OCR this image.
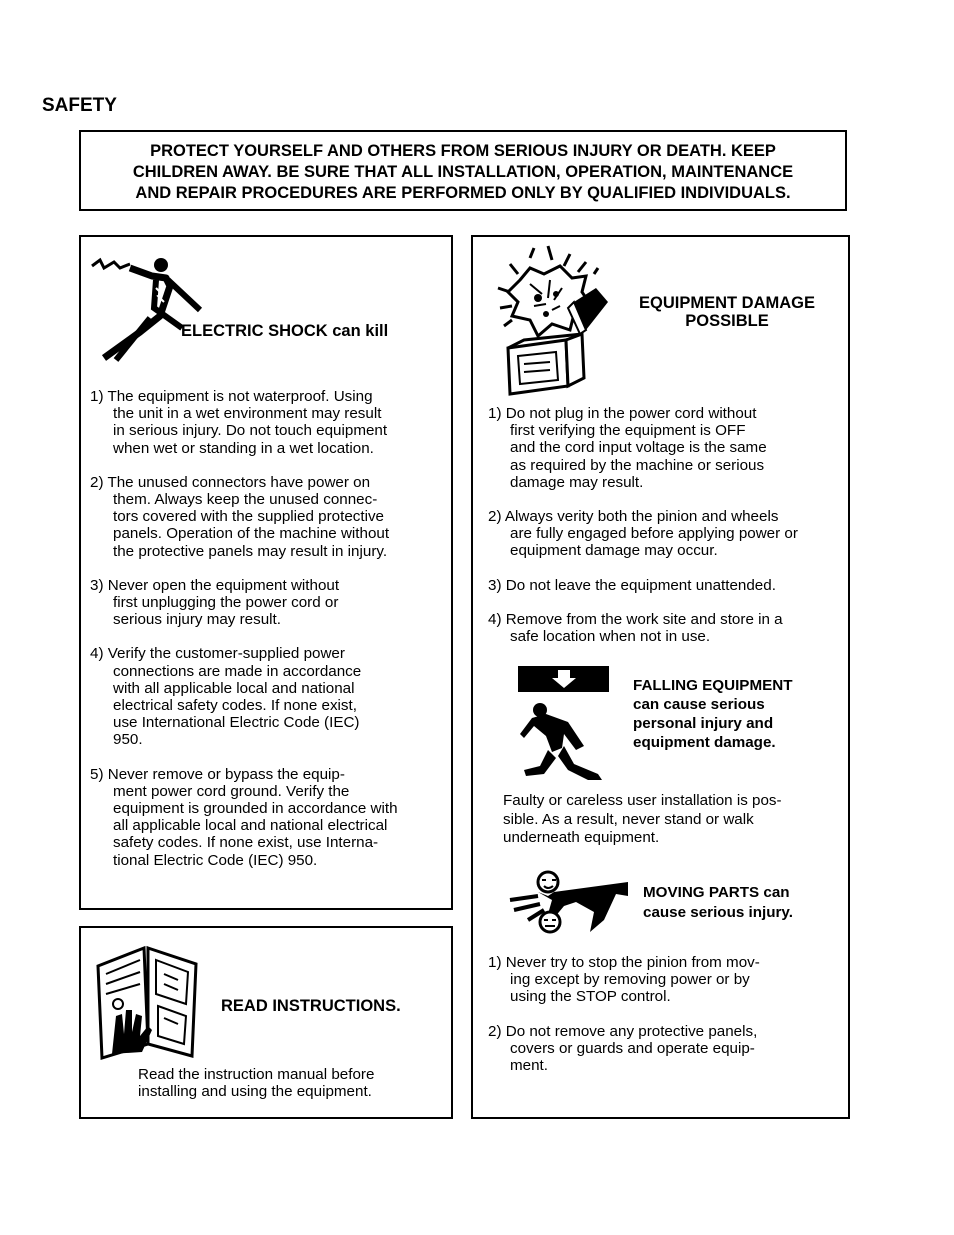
SAFETY
PROTECT YOURSELF AND OTHERS FROM SERIOUS INJURY OR DEATH. KEEP
CHILDREN AWAY. BE SURE THAT ALL INSTALLATION, OPERATION, MAINTENANCE
AND REPAIR PROCEDURES ARE PERFORMED ONLY BY QUALIFIED INDIVIDUALS.
ELECTRIC SHOCK can kill
1) The equipment is not waterproof. Using
the unit in a wet environment may result
in serious injury. Do not touch equipment
when wet or standing in a wet location.
2) The unused connectors have power on
them. Always keep the unused connec-
tors covered with the supplied protective
panels. Operation of the machine without
the protective panels may result in injury.
3) Never open the equipment without
first unplugging the power cord or
serious injury may result.
4) Verify the customer-supplied power
connections are made in accordance
with all applicable local and national
electrical safety codes. If none exist,
use International Electric Code (IEC)
950.
5) Never remove or bypass the equip-
ment power cord ground. Verify the
equipment is grounded in accordance with
all applicable local and national electrical
safety codes. If none exist, use Interna-
tional Electric Code (IEC) 950.
READ INSTRUCTIONS.
Read the instruction manual before
installing and using the equipment.
EQUIPMENT DAMAGE
POSSIBLE
1) Do not plug in the power cord without
first verifying the equipment is OFF
and the cord input voltage is the same
as required by the machine or serious
damage may result.
2) Always verity both the pinion and wheels
are fully engaged before applying power or
equipment damage may occur.
3) Do not leave the equipment unattended.
4) Remove from the work site and store in a
safe location when not in use.
FALLING EQUIPMENT
can cause serious
personal injury and
equipment damage.
Faulty or careless user installation is pos-
sible. As a result, never stand or walk
underneath equipment.
MOVING PARTS can
cause serious injury.
1) Never try to stop the pinion from mov-
ing except by removing power or by
using the STOP control.
2) Do not remove any protective panels,
covers or guards and operate equip-
ment.
